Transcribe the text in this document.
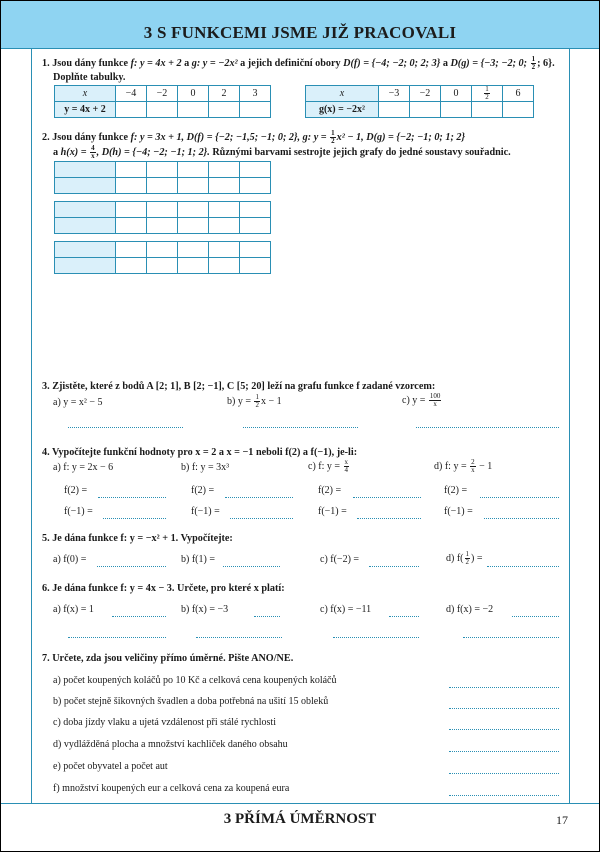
3 S FUNKCEMI JSME JIŽ PRACOVALI
1. Jsou dány funkce f: y = 4x + 2 a g: y = −2x² a jejich definiční obory D(f) = {−4; −2; 0; 2; 3} a D(g) = {−3; −2; 0; $\frac{1}{2}$ ; 6}.
Doplňte tabulky.
x	−4	−2	0	2	3
y = 4x + 2					
x	−3	−2	0	$\frac{1}{2}$	6
g(x) = −2x²					
2. Jsou dány funkce f: y = 3x + 1, D(f) = {−2; −1,5; −1; 0; 2}, g: $y = \frac{1}{2} x^2 - 1$, D(g) = {−2; −1; 0; 1; 2}
a $h(x) = \frac{4}{x}$ , D(h) = {−4; −2; −1; 1; 2}. Různými barvami sestrojte jejich grafy do jedné soustavy souřadnic.

3. Zjistěte, které z bodů A [2; 1], B [2; −1], C [5; 20] leží na grafu funkce f zadané vzorcem:
a) y = x² − 5	b) $y = \frac{1}{2}$ x − 1	c) $y = \frac{100}{x}$
4. Vypočítejte funkční hodnoty pro x = 2 a x = −1 neboli f(2) a f(−1), je-li:
a) f: y = 2x − 6	b) f: y = 3x³	c) f: $y = \frac{x}{4}$	d) f: $y = \frac{2}{x} - 1$
f(2) =	f(2) =	f(2) =	f(2) =
f(−1) =	f(−1) =	f(−1) =	f(−1) =
5. Je dána funkce f: y = −x² + 1. Vypočítejte:
a) f(0) =	b) f(1) =	c) f(−2) =	d) $f( \frac{1}{2}$ ) =
6. Je dána funkce f: y = 4x − 3. Určete, pro které x platí:
a) f(x) = 1	b) f(x) = −3	c) f(x) = −11	d) f(x) = −2
7. Určete, zda jsou veličiny přímo úměrné. Pište ANO/NE.
a) počet koupených koláčů po 10 Kč a celková cena koupených koláčů
b) počet stejně šikovných švadlen a doba potřebná na ušití 15 obleků
c) doba jízdy vlaku a ujetá vzdálenost při stálé rychlosti
d) vydlážděná plocha a množství kachliček daného obsahu
e) počet obyvatel a počet aut
f) množství koupených eur a celková cena za koupená eura
3 PŘÍMÁ ÚMĚRNOST	17
